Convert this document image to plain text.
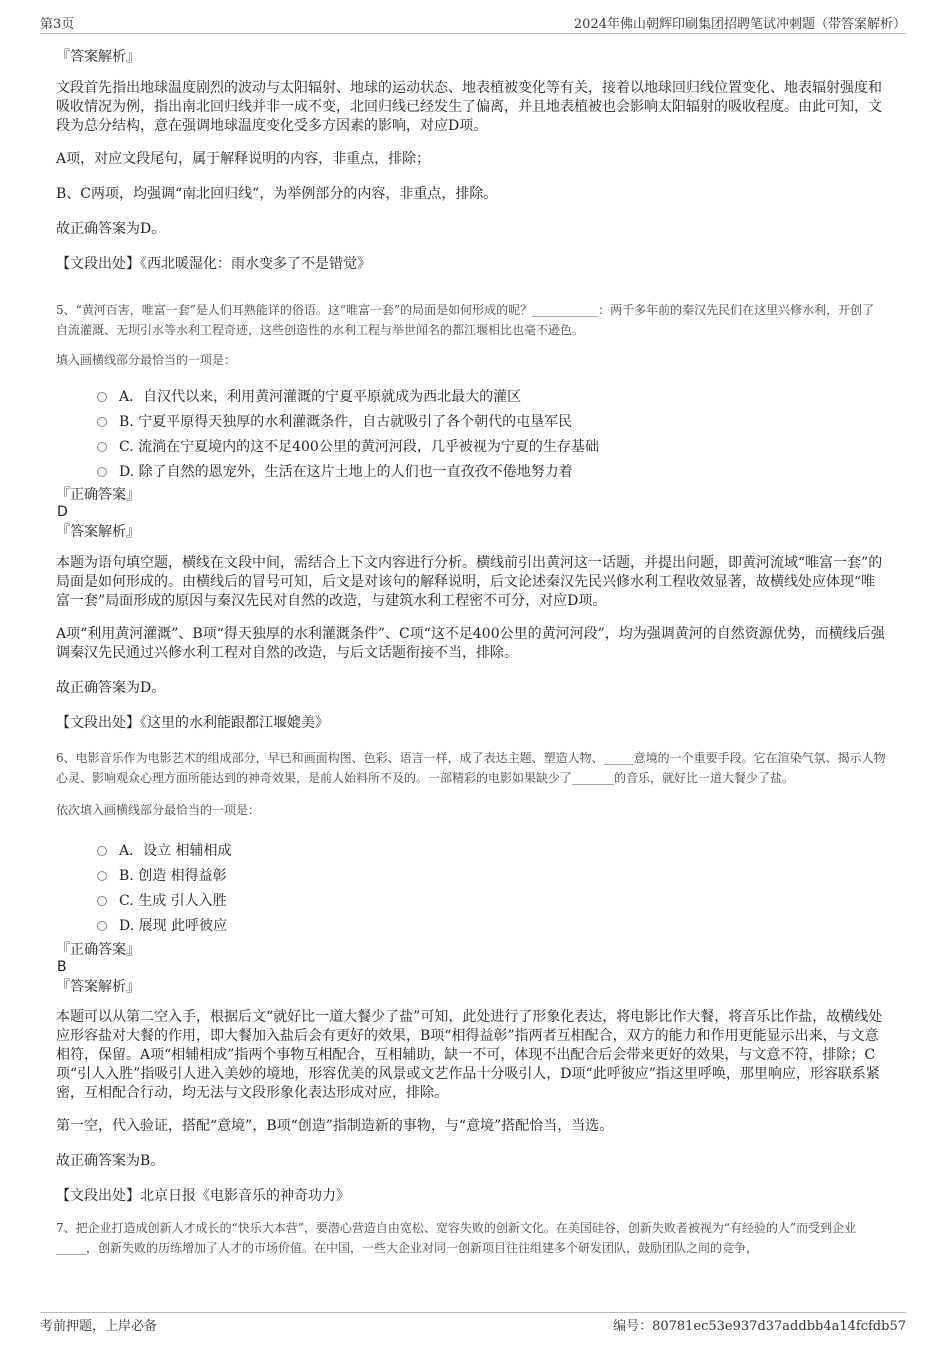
第3页	2024年佛山朝辉印刷集团招聘笔试冲刺题（带答案解析）
『答案解析』
文段首先指出地球温度剧烈的波动与太阳辐射、地球的运动状态、地表植被变化等有关，接着以地球回归线位置变化、地表辐射强度和吸收情况为例，指出南北回归线并非一成不变，北回归线已经发生了偏离，并且地表植被也会影响太阳辐射的吸收程度。由此可知，文段为总分结构，意在强调地球温度变化受多方因素的影响，对应D项。
A项，对应文段尾句，属于解释说明的内容，非重点，排除；
B、C两项，均强调“南北回归线”，为举例部分的内容，非重点，排除。
故正确答案为D。
【文段出处】《西北暖湿化：雨水变多了不是错觉》
5、“黄河百害，唯富一套”是人们耳熟能详的俗语。这“唯富一套”的局面是如何形成的呢？___________：两千多年前的秦汉先民们在这里兴修水利，开创了自流灌溉、无坝引水等水利工程奇迹，这些创造性的水利工程与举世闻名的都江堰相比也毫不逊色。
填入画横线部分最恰当的一项是：
A．自汉代以来，利用黄河灌溉的宁夏平原就成为西北最大的灌区
B. 宁夏平原得天独厚的水利灌溉条件，自古就吸引了各个朝代的屯垦军民
C. 流淌在宁夏境内的这不足400公里的黄河河段，几乎被视为宁夏的生存基础
D. 除了自然的恩宠外，生活在这片土地上的人们也一直孜孜不倦地努力着
『正确答案』
D
『答案解析』
本题为语句填空题，横线在文段中间，需结合上下文内容进行分析。横线前引出黄河这一话题，并提出问题，即黄河流域“唯富一套”的局面是如何形成的。由横线后的冒号可知，后文是对该句的解释说明，后文论述秦汉先民兴修水利工程收效显著，故横线处应体现“唯富一套”局面形成的原因与秦汉先民对自然的改造，与建筑水利工程密不可分，对应D项。
A项“利用黄河灌溉”、B项“得天独厚的水利灌溉条件”、C项“这不足400公里的黄河河段”，均为强调黄河的自然资源优势，而横线后强调秦汉先民通过兴修水利工程对自然的改造，与后文话题衔接不当，排除。
故正确答案为D。
【文段出处】《这里的水利能跟都江堰媲美》
6、电影音乐作为电影艺术的组成部分，早已和画面构图、色彩、语言一样，成了表达主题、塑造人物、_____意境的一个重要手段。它在渲染气氛、揭示人物心灵、影响观众心理方面所能达到的神奇效果，是前人始料所不及的。一部精彩的电影如果缺少了_______的音乐，就好比一道大餐少了盐。
依次填入画横线部分最恰当的一项是：
A．设立 相辅相成
B. 创造 相得益彰
C. 生成 引人入胜
D. 展现 此呼彼应
『正确答案』
B
『答案解析』
本题可以从第二空入手，根据后文“就好比一道大餐少了盐”可知，此处进行了形象化表达，将电影比作大餐，将音乐比作盐，故横线处应形容盐对大餐的作用，即大餐加入盐后会有更好的效果，B项“相得益彰”指两者互相配合，双方的能力和作用更能显示出来，与文意相符，保留。A项“相辅相成”指两个事物互相配合，互相辅助，缺一不可，体现不出配合后会带来更好的效果，与文意不符，排除；C项“引人入胜”指吸引人进入美妙的境地，形容优美的风景或文艺作品十分吸引人，D项“此呼彼应”指这里呼唤，那里响应，形容联系紧密，互相配合行动，均无法与文段形象化表达形成对应，排除。
第一空，代入验证，搭配“意境”，B项“创造”指制造新的事物，与“意境”搭配恰当，当选。
故正确答案为B。
【文段出处】北京日报《电影音乐的神奇功力》
7、把企业打造成创新人才成长的“快乐大本营”，要潜心营造自由宽松、宽容失败的创新文化。在美国硅谷，创新失败者被视为“有经验的人”而受到企业_____，创新失败的历练增加了人才的市场价值。在中国，一些大企业对同一创新项目往往组建多个研发团队，鼓励团队之间的竞争，
考前押题，上岸必备	编号：80781ec53e937d37addbb4a14fcfdb57
